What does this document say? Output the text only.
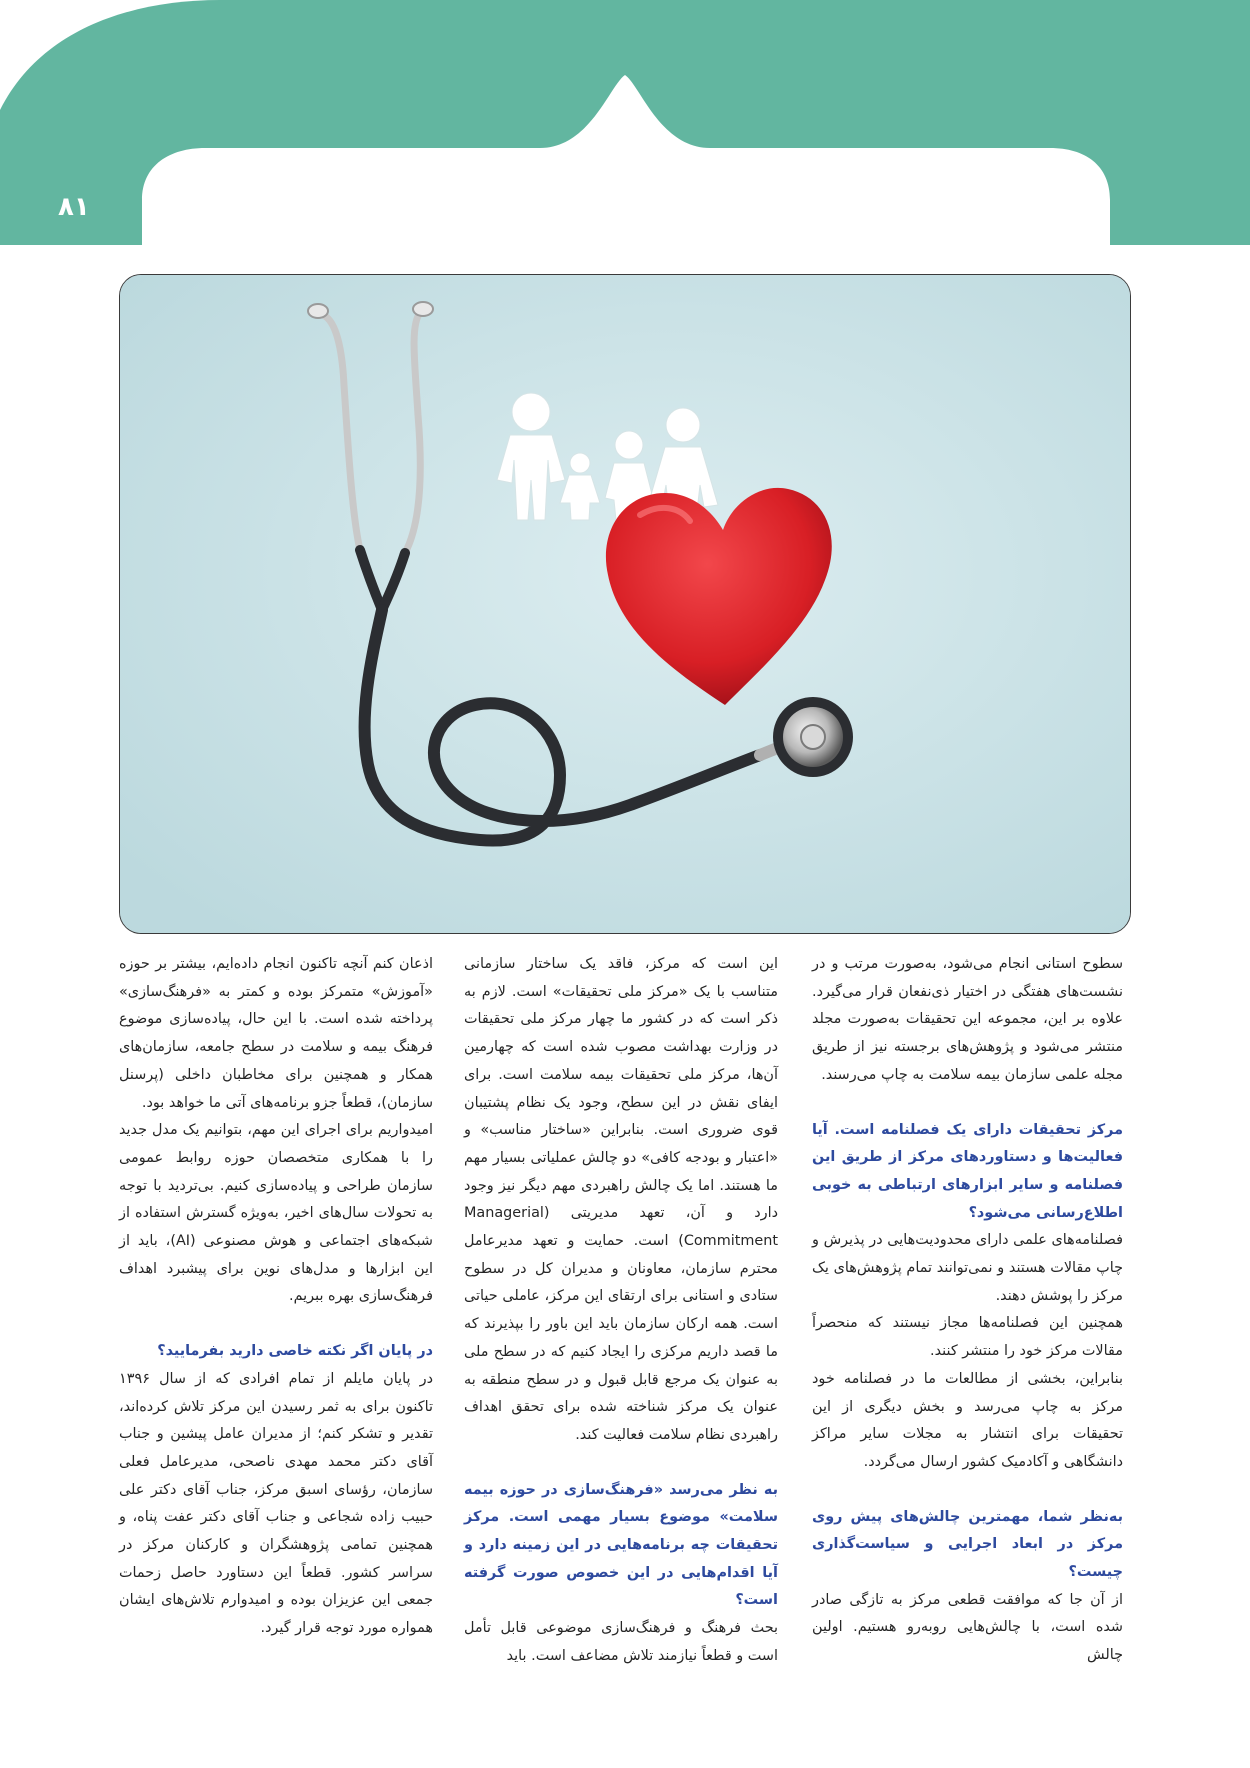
۸۱

سطوح استانی انجام می‌شود، به‌صورت مرتب و در نشست‌های هفتگی در اختیار ذی‌نفعان قرار می‌گیرد. علاوه بر این، مجموعه این تحقیقات به‌صورت مجلد منتشر می‌شود و پژوهش‌های برجسته نیز از طریق مجله علمی سازمان بیمه سلامت به چاپ می‌رسند.

مرکز تحقیقات دارای یک فصلنامه است. آیا فعالیت‌ها و دستاوردهای مرکز از طریق این فصلنامه و سایر ابزارهای ارتباطی به خوبی اطلاع‌رسانی می‌شود؟

فصلنامه‌های علمی دارای محدودیت‌هایی در پذیرش و چاپ مقالات هستند و نمی‌توانند تمام پژوهش‌های یک مرکز را پوشش دهند.

همچنین این فصلنامه‌ها مجاز نیستند که منحصراً مقالات مرکز خود را منتشر کنند.

بنابراین، بخشی از مطالعات ما در فصلنامه خود مرکز به چاپ می‌رسد و بخش دیگری از این تحقیقات برای انتشار به مجلات سایر مراکز دانشگاهی و آکادمیک کشور ارسال می‌گردد.

به‌نظر شما، مهمترین چالش‌های پیش روی مرکز در ابعاد اجرایی و سیاست‌گذاری چیست؟

از آن جا که موافقت قطعی مرکز به تازگی صادر شده است، با چالش‌هایی روبه‌رو هستیم. اولین چالش

این است که مرکز، فاقد یک ساختار سازمانی متناسب با یک «مرکز ملی تحقیقات» است. لازم به ذکر است که در کشور ما چهار مرکز ملی تحقیقات در وزارت بهداشت مصوب شده است که چهارمین آن‌ها، مرکز ملی تحقیقات بیمه سلامت است. برای ایفای نقش در این سطح، وجود یک نظام پشتیبان قوی ضروری است. بنابراین «ساختار مناسب» و «اعتبار و بودجه کافی» دو چالش عملیاتی بسیار مهم ما هستند. اما یک چالش راهبردی مهم دیگر نیز وجود دارد و آن، تعهد مدیریتی (Managerial Commitment) است. حمایت و تعهد مدیرعامل محترم سازمان، معاونان و مدیران کل در سطوح ستادی و استانی برای ارتقای این مرکز، عاملی حیاتی است. همه ارکان سازمان باید این باور را بپذیرند که ما قصد داریم مرکزی را ایجاد کنیم که در سطح ملی به عنوان یک مرجع قابل قبول و در سطح منطقه به عنوان یک مرکز شناخته شده برای تحقق اهداف راهبردی نظام سلامت فعالیت کند.

به نظر می‌رسد «فرهنگ‌سازی در حوزه بیمه سلامت» موضوع بسیار مهمی است. مرکز تحقیقات چه برنامه‌هایی در این زمینه دارد و آیا اقدام‌هایی در این خصوص صورت گرفته است؟

بحث فرهنگ و فرهنگ‌سازی موضوعی قابل تأمل است و قطعاً نیازمند تلاش مضاعف است. باید

اذعان کنم آنچه تاکنون انجام داده‌ایم، بیشتر بر حوزه «آموزش» متمرکز بوده و کمتر به «فرهنگ‌سازی» پرداخته شده است. با این حال، پیاده‌سازی موضوع فرهنگ بیمه و سلامت در سطح جامعه، سازمان‌های همکار و همچنین برای مخاطبان داخلی (پرسنل سازمان)، قطعاً جزو برنامه‌های آتی ما خواهد بود.

امیدواریم برای اجرای این مهم، بتوانیم یک مدل جدید را با همکاری متخصصان حوزه روابط عمومی سازمان طراحی و پیاده‌سازی کنیم. بی‌تردید با توجه به تحولات سال‌های اخیر، به‌ویژه گسترش استفاده از شبکه‌های اجتماعی و هوش مصنوعی (AI)، باید از این ابزارها و مدل‌های نوین برای پیشبرد اهداف فرهنگ‌سازی بهره ببریم.

در پایان اگر نکته خاصی دارید بفرمایید؟

در پایان مایلم از تمام افرادی که از سال ۱۳۹۶ تاکنون برای به ثمر رسیدن این مرکز تلاش کرده‌اند، تقدیر و تشکر کنم؛ از مدیران عامل پیشین و جناب آقای دکتر محمد مهدی ناصحی، مدیرعامل فعلی سازمان، رؤسای اسبق مرکز، جناب آقای دکتر علی حبیب زاده شجاعی و جناب آقای دکتر عفت پناه، و همچنین تمامی پژوهشگران و کارکنان مرکز در سراسر کشور. قطعاً این دستاورد حاصل زحمات جمعی این عزیزان بوده و امیدوارم تلاش‌های ایشان همواره مورد توجه قرار گیرد.
